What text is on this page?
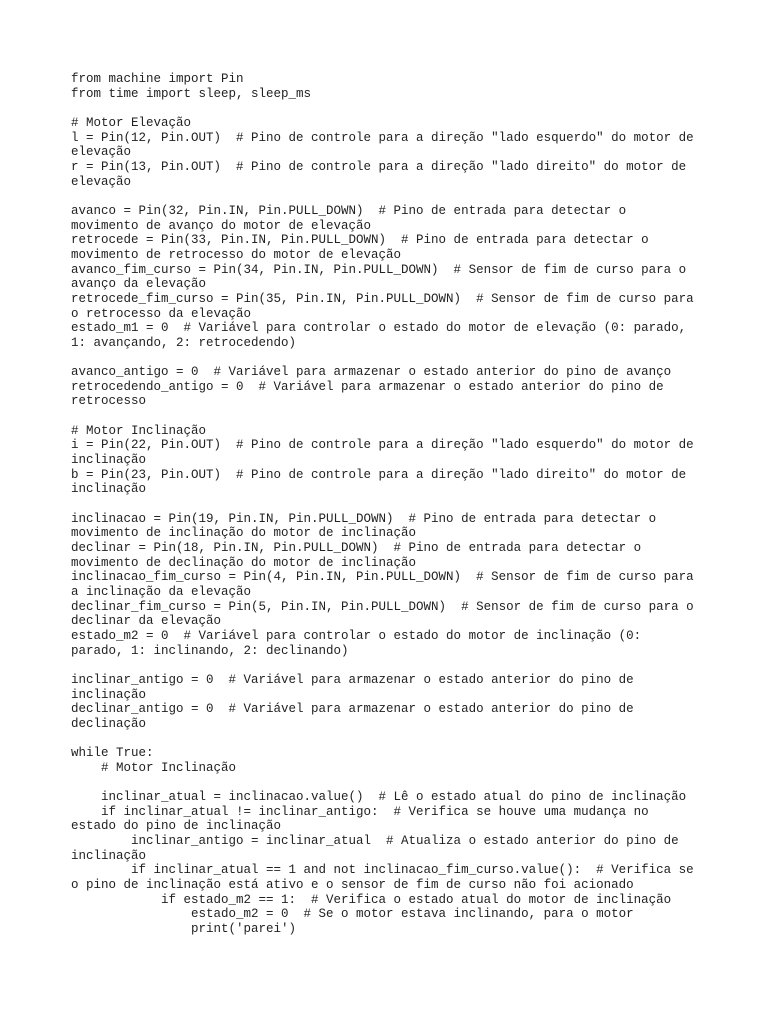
from machine import Pin
from time import sleep, sleep_ms
# Motor Elevação
l = Pin(12, Pin.OUT)  # Pino de controle para a direção "lado esquerdo" do motor de
elevação
r = Pin(13, Pin.OUT)  # Pino de controle para a direção "lado direito" do motor de
elevação
avanco = Pin(32, Pin.IN, Pin.PULL_DOWN)  # Pino de entrada para detectar o
movimento de avanço do motor de elevação
retrocede = Pin(33, Pin.IN, Pin.PULL_DOWN)  # Pino de entrada para detectar o
movimento de retrocesso do motor de elevação
avanco_fim_curso = Pin(34, Pin.IN, Pin.PULL_DOWN)  # Sensor de fim de curso para o
avanço da elevação
retrocede_fim_curso = Pin(35, Pin.IN, Pin.PULL_DOWN)  # Sensor de fim de curso para
o retrocesso da elevação
estado_m1 = 0  # Variável para controlar o estado do motor de elevação (0: parado,
1: avançando, 2: retrocedendo)
avanco_antigo = 0  # Variável para armazenar o estado anterior do pino de avanço
retrocedendo_antigo = 0  # Variável para armazenar o estado anterior do pino de
retrocesso
# Motor Inclinação
i = Pin(22, Pin.OUT)  # Pino de controle para a direção "lado esquerdo" do motor de
inclinação
b = Pin(23, Pin.OUT)  # Pino de controle para a direção "lado direito" do motor de
inclinação
inclinacao = Pin(19, Pin.IN, Pin.PULL_DOWN)  # Pino de entrada para detectar o
movimento de inclinação do motor de inclinação
declinar = Pin(18, Pin.IN, Pin.PULL_DOWN)  # Pino de entrada para detectar o
movimento de declinação do motor de inclinação
inclinacao_fim_curso = Pin(4, Pin.IN, Pin.PULL_DOWN)  # Sensor de fim de curso para
a inclinação da elevação
declinar_fim_curso = Pin(5, Pin.IN, Pin.PULL_DOWN)  # Sensor de fim de curso para o
declinar da elevação
estado_m2 = 0  # Variável para controlar o estado do motor de inclinação (0:
parado, 1: inclinando, 2: declinando)
inclinar_antigo = 0  # Variável para armazenar o estado anterior do pino de
inclinação
declinar_antigo = 0  # Variável para armazenar o estado anterior do pino de
declinação
while True:
# Motor Inclinação
inclinar_atual = inclinacao.value()  # Lê o estado atual do pino de inclinação
if inclinar_atual != inclinar_antigo:  # Verifica se houve uma mudança no
estado do pino de inclinação
inclinar_antigo = inclinar_atual  # Atualiza o estado anterior do pino de
inclinação
if inclinar_atual == 1 and not inclinacao_fim_curso.value():  # Verifica se
o pino de inclinação está ativo e o sensor de fim de curso não foi acionado
if estado_m2 == 1:  # Verifica o estado atual do motor de inclinação
estado_m2 = 0  # Se o motor estava inclinando, para o motor
print('parei')
